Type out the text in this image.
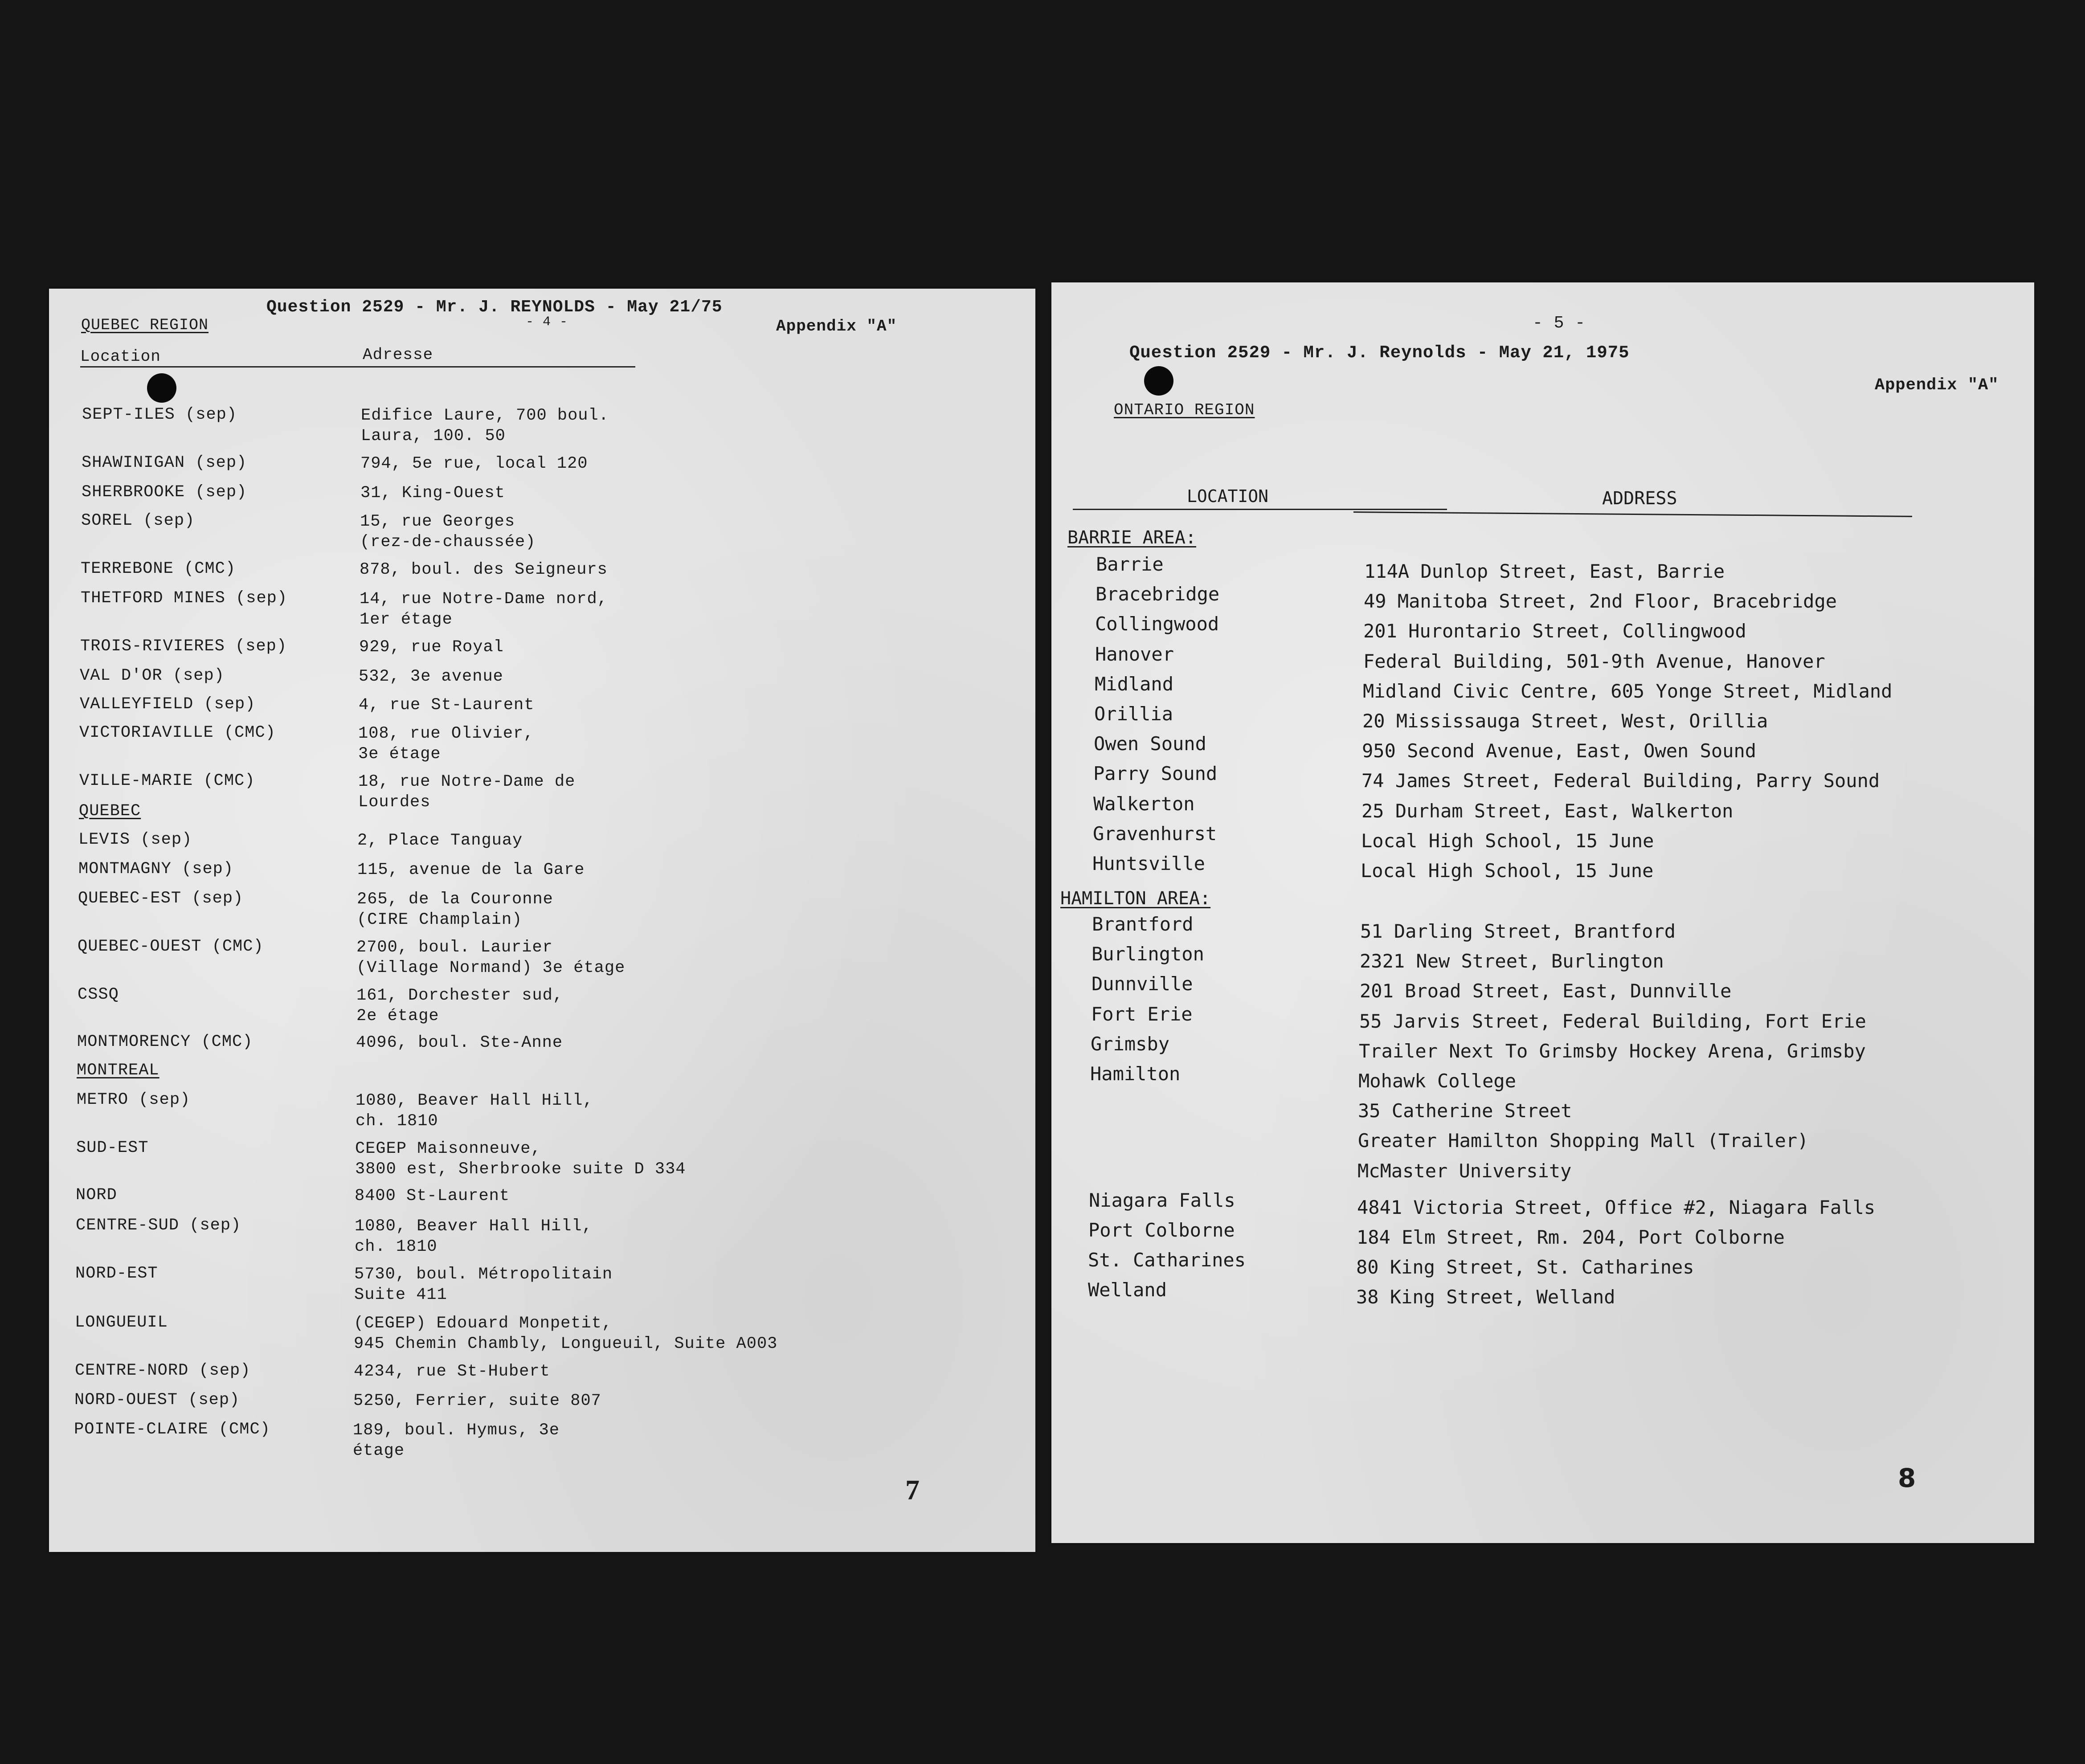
Question 2529 - Mr. J. REYNOLDS - May 21/75
- 4 -	Appendix "A"
QUEBEC REGION
Location	Adresse
SEPT-ILES (sep)	Edifice Laure, 700 boul.
Laura, 100. 50
SHAWINIGAN (sep)	794, 5e rue, local 120
SHERBROOKE (sep)	31, King-Ouest
SOREL (sep)	15, rue Georges
(rez-de-chaussée)
TERREBONE (CMC)	878, boul. des Seigneurs
THETFORD MINES (sep)	14, rue Notre-Dame nord,
1er étage
TROIS-RIVIERES (sep)	929, rue Royal
VAL D'OR (sep)	532, 3e avenue
VALLEYFIELD (sep)	4, rue St-Laurent
VICTORIAVILLE (CMC)	108, rue Olivier,
3e étage
VILLE-MARIE (CMC)	18, rue Notre-Dame de
Lourdes
QUEBEC
LEVIS (sep)	2, Place Tanguay
MONTMAGNY (sep)	115, avenue de la Gare
QUEBEC-EST (sep)	265, de la Couronne
(CIRE Champlain)
QUEBEC-OUEST (CMC)	2700, boul. Laurier
(Village Normand) 3e étage
CSSQ	161, Dorchester sud,
2e étage
MONTMORENCY (CMC)	4096, boul. Ste-Anne
MONTREAL
METRO (sep)	1080, Beaver Hall Hill,
ch. 1810
SUD-EST	CEGEP Maisonneuve,
3800 est, Sherbrooke suite D 334
NORD	8400 St-Laurent
CENTRE-SUD (sep)	1080, Beaver Hall Hill,
ch. 1810
NORD-EST	5730, boul. Métropolitain
Suite 411
LONGUEUIL	(CEGEP) Edouard Monpetit,
945 Chemin Chambly, Longueuil, Suite A003
CENTRE-NORD (sep)	4234, rue St-Hubert
NORD-OUEST (sep)	5250, Ferrier, suite 807
POINTE-CLAIRE (CMC)	189, boul. Hymus, 3e
étage
7
- 5 -
Question 2529 - Mr. J. Reynolds - May 21, 1975
Appendix "A"
ONTARIO REGION
LOCATION	ADDRESS
BARRIE AREA:
Barrie	114A Dunlop Street, East, Barrie
Bracebridge	49 Manitoba Street, 2nd Floor, Bracebridge
Collingwood	201 Hurontario Street, Collingwood
Hanover	Federal Building, 501-9th Avenue, Hanover
Midland	Midland Civic Centre, 605 Yonge Street, Midland
Orillia	20 Mississauga Street, West, Orillia
Owen Sound	950 Second Avenue, East, Owen Sound
Parry Sound	74 James Street, Federal Building, Parry Sound
Walkerton	25 Durham Street, East, Walkerton
Gravenhurst	Local High School, 15 June
Huntsville	Local High School, 15 June
HAMILTON AREA:
Brantford	51 Darling Street, Brantford
Burlington	2321 New Street, Burlington
Dunnville	201 Broad Street, East, Dunnville
Fort Erie	55 Jarvis Street, Federal Building, Fort Erie
Grimsby	Trailer Next To Grimsby Hockey Arena, Grimsby
Hamilton	Mohawk College
35 Catherine Street
Greater Hamilton Shopping Mall (Trailer)
McMaster University
Niagara Falls	4841 Victoria Street, Office #2, Niagara Falls
Port Colborne	184 Elm Street, Rm. 204, Port Colborne
St. Catharines	80 King Street, St. Catharines
Welland	38 King Street, Welland
8
